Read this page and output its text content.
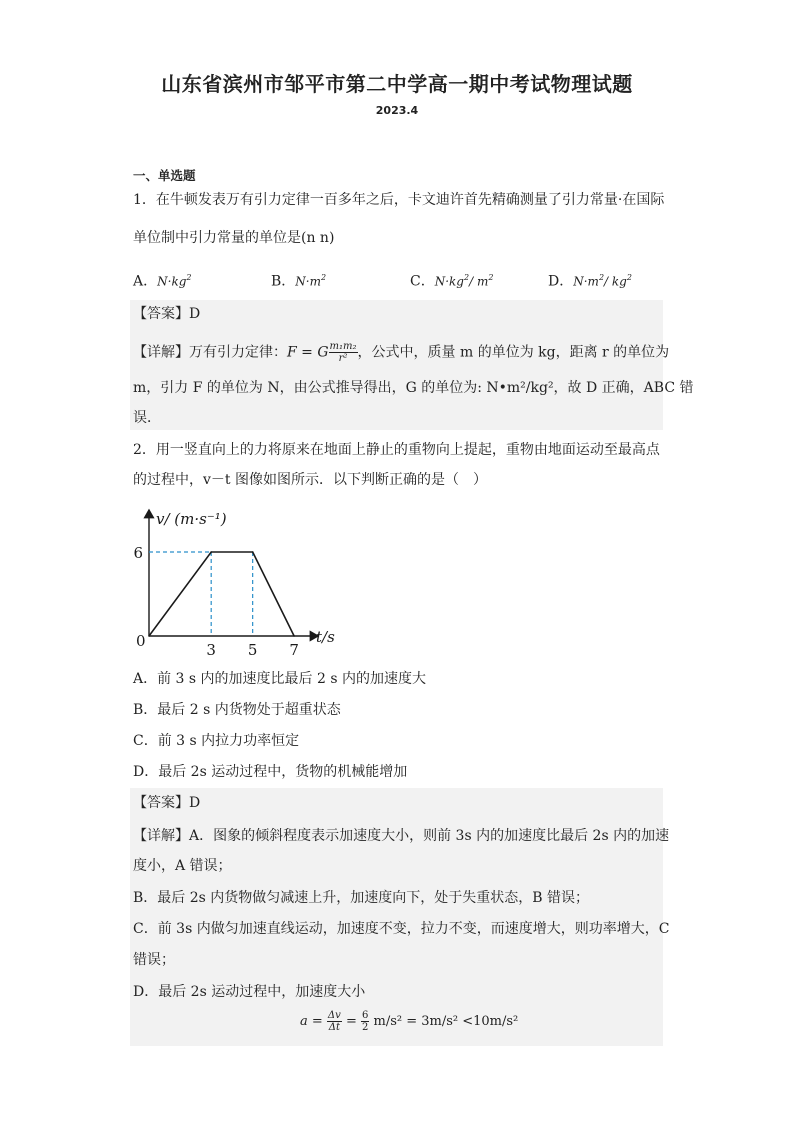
山东省滨州市邹平市第二中学高一期中考试物理试题
2023.4
一、单选题
1．在牛顿发表万有引力定律一百多年之后，卡文迪许首先精确测量了引力常量·在国际
单位制中引力常量的单位是(n n)
A．$N\cdot kg^2$	B．$N\cdot m^2$	C．$N\cdot kg^2/$ $m^2$	D．$N\cdot m^2/$ $kg^2$
【答案】D
【详解】万有引力定律：F = G $\frac{\text{m₁m₂}}{\text{r²}}$ ，公式中，质量 m 的单位为 kg，距离 r 的单位为
m，引力 F 的单位为 N，由公式推导得出，G 的单位为: N•m²/kg²，故 D 正确，ABC 错
误．
2．用一竖直向上的力将原来在地面上静止的重物向上提起，重物由地面运动至最高点
的过程中，v－t 图像如图所示．以下判断正确的是（　）
v/ (m·s⁻¹)
t/s
0	3 5 7
6
A．前 3 s 内的加速度比最后 2 s 内的加速度大
B．最后 2 s 内货物处于超重状态
C．前 3 s 内拉力功率恒定
D．最后 2s 运动过程中，货物的机械能增加
【答案】D
【详解】A．图象的倾斜程度表示加速度大小，则前 3s 内的加速度比最后 2s 内的加速
度小，A 错误；
B．最后 2s 内货物做匀减速上升，加速度向下，处于失重状态，B 错误；
C．前 3s 内做匀加速直线运动，加速度不变，拉力不变，而速度增大，则功率增大，C
错误；
D．最后 2s 运动过程中，加速度大小
$a = \frac{\Delta v}{\Delta t} = \frac{6}{2} m/s^2 = 3m/s^2 <10m/s^2$
